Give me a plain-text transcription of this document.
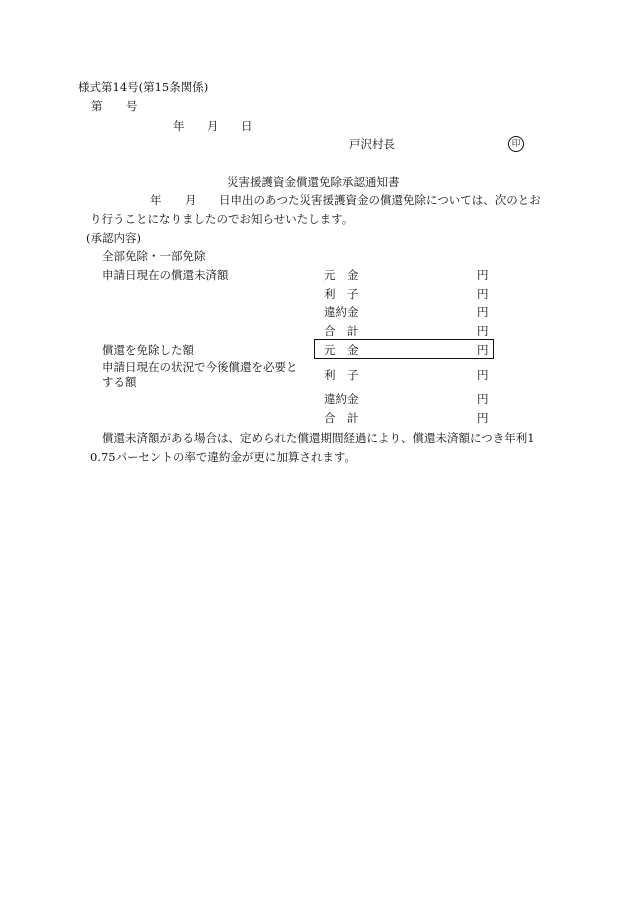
様式第14号(第15条関係)
第 号
年 月 日
戸沢村長	印
災害援護資金償還免除承認通知書
年 月 日申出のあつた災害援護資金の償還免除については、次のとお
り行うことになりましたのでお知らせいたします。
(承認内容)
全部免除・一部免除
申請日現在の償還未済額	元　金	円
利　子	円
違約金	円
合　計	円
償還を免除した額	元　金	円
申請日現在の状況で今後償還を必要と
する額	利　子	円
違約金	円
合　計	円
償還未済額がある場合は、定められた償還期間経過により、償還未済額につき年利1
0.75パーセントの率で違約金が更に加算されます。
